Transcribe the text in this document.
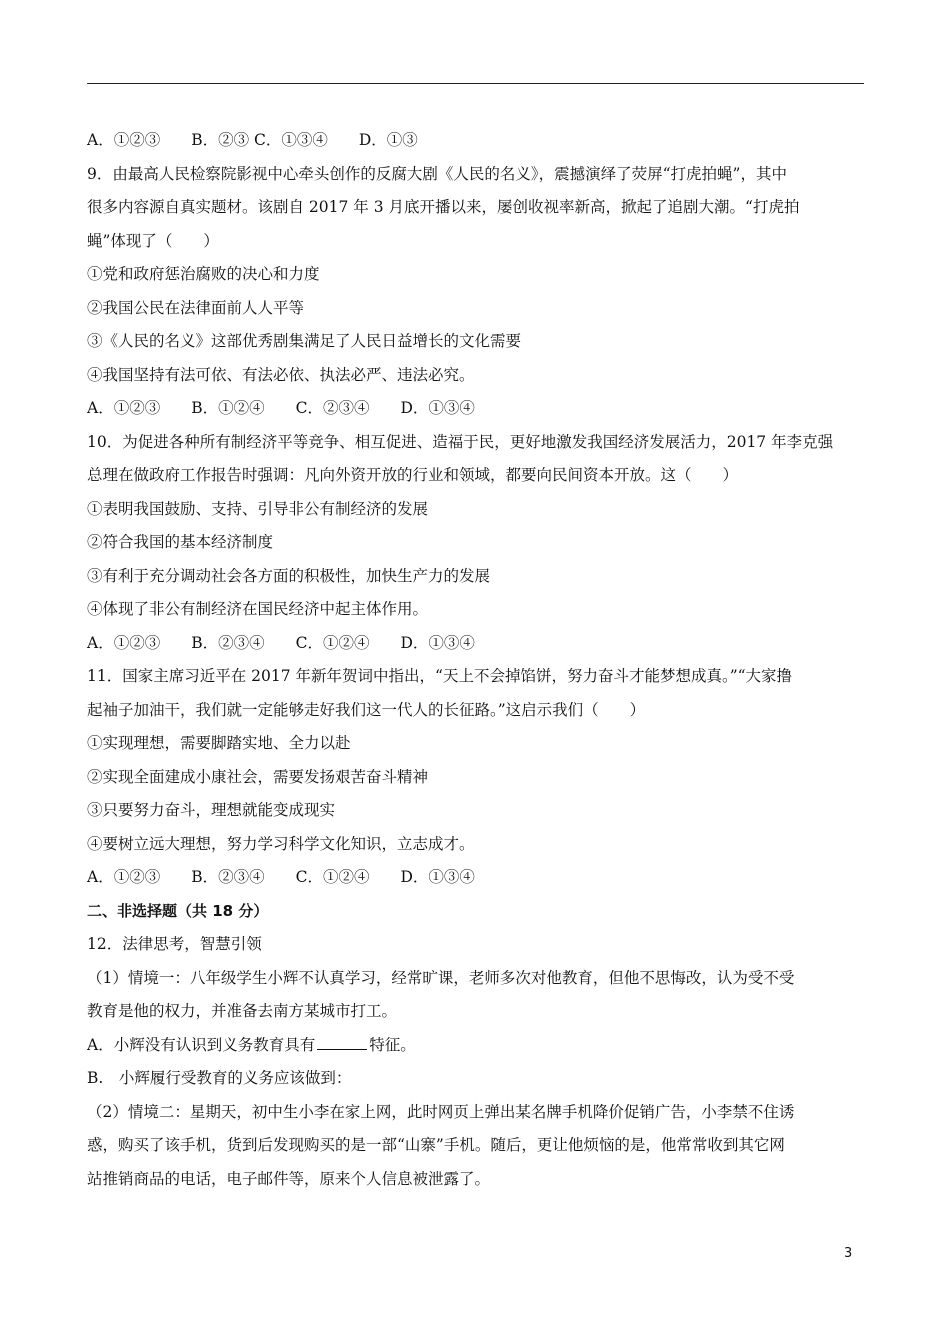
A．①②③　　B．②③ C．①③④　　D．①③
9．由最高人民检察院影视中心牵头创作的反腐大剧《人民的名义》，震撼演绎了荧屏“打虎拍蝇”，其中
很多内容源自真实题材。该剧自 2017 年 3 月底开播以来，屡创收视率新高，掀起了追剧大潮。“打虎拍
蝇”体现了（　　）
①党和政府惩治腐败的决心和力度
②我国公民在法律面前人人平等
③《人民的名义》这部优秀剧集满足了人民日益增长的文化需要
④我国坚持有法可依、有法必依、执法必严、违法必究。
A．①②③　　B．①②④　　C．②③④　　D．①③④
10．为促进各种所有制经济平等竞争、相互促进、造福于民，更好地激发我国经济发展活力，2017 年李克强
总理在做政府工作报告时强调：凡向外资开放的行业和领域，都要向民间资本开放。这（　　）
①表明我国鼓励、支持、引导非公有制经济的发展
②符合我国的基本经济制度
③有利于充分调动社会各方面的积极性，加快生产力的发展
④体现了非公有制经济在国民经济中起主体作用。
A．①②③　　B．②③④　　C．①②④　　D．①③④
11．国家主席习近平在 2017 年新年贺词中指出，“天上不会掉馅饼，努力奋斗才能梦想成真。”“大家撸
起袖子加油干，我们就一定能够走好我们这一代人的长征路。”这启示我们（　　）
①实现理想，需要脚踏实地、全力以赴
②实现全面建成小康社会，需要发扬艰苦奋斗精神
③只要努力奋斗，理想就能变成现实
④要树立远大理想，努力学习科学文化知识，立志成才。
A．①②③　　B．②③④　　C．①②④　　D．①③④
二、非选择题（共 18 分）
12．法律思考，智慧引领
（1）情境一：八年级学生小辉不认真学习，经常旷课，老师多次对他教育，但他不思悔改，认为受不受
教育是他的权力，并准备去南方某城市打工。
A．小辉没有认识到义务教育具有	特征。
B.　小辉履行受教育的义务应该做到：
（2）情境二：星期天，初中生小李在家上网，此时网页上弹出某名牌手机降价促销广告，小李禁不住诱
惑，购买了该手机，货到后发现购买的是一部“山寨”手机。随后，更让他烦恼的是，他常常收到其它网
站推销商品的电话，电子邮件等，原来个人信息被泄露了。
3
